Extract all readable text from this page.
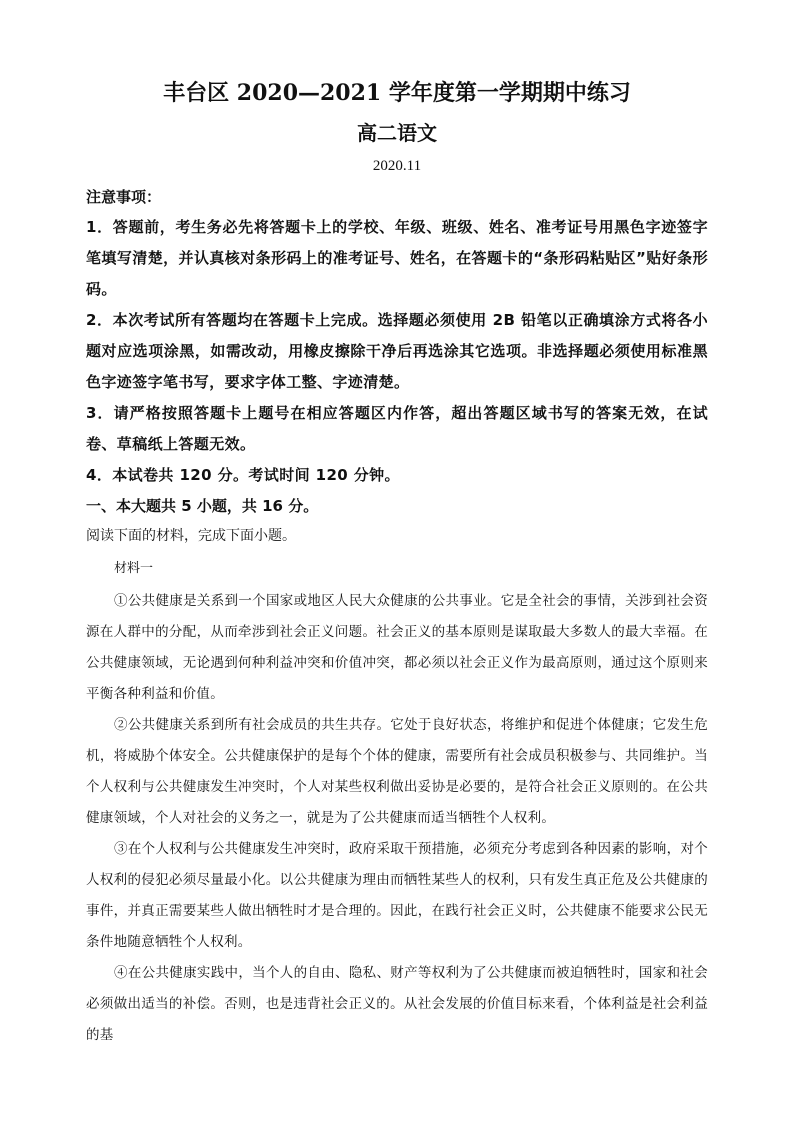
丰台区 2020—2021 学年度第一学期期中练习
高二语文
2020.11
注意事项：

1．答题前，考生务必先将答题卡上的学校、年级、班级、姓名、准考证号用黑色字迹签字笔填写清楚，并认真核对条形码上的准考证号、姓名，在答题卡的“条形码粘贴区”贴好条形码。

2．本次考试所有答题均在答题卡上完成。选择题必须使用 2B 铅笔以正确填涂方式将各小题对应选项涂黑，如需改动，用橡皮擦除干净后再选涂其它选项。非选择题必须使用标准黑色字迹签字笔书写，要求字体工整、字迹清楚。

3．请严格按照答题卡上题号在相应答题区内作答，超出答题区域书写的答案无效，在试卷、草稿纸上答题无效。

4．本试卷共 120 分。考试时间 120 分钟。

一、本大题共 5 小题，共 16 分。
阅读下面的材料，完成下面小题。
材料一

①公共健康是关系到一个国家或地区人民大众健康的公共事业。它是全社会的事情，关涉到社会资源在人群中的分配，从而牵涉到社会正义问题。社会正义的基本原则是谋取最大多数人的最大幸福。在公共健康领域，无论遇到何种利益冲突和价值冲突，都必须以社会正义作为最高原则，通过这个原则来平衡各种利益和价值。

②公共健康关系到所有社会成员的共生共存。它处于良好状态，将维护和促进个体健康；它发生危机，将威胁个体安全。公共健康保护的是每个个体的健康，需要所有社会成员积极参与、共同维护。当个人权利与公共健康发生冲突时，个人对某些权利做出妥协是必要的，是符合社会正义原则的。在公共健康领域，个人对社会的义务之一，就是为了公共健康而适当牺牲个人权利。

③在个人权利与公共健康发生冲突时，政府采取干预措施，必须充分考虑到各种因素的影响，对个人权利的侵犯必须尽量最小化。以公共健康为理由而牺牲某些人的权利，只有发生真正危及公共健康的事件，并真正需要某些人做出牺牲时才是合理的。因此，在践行社会正义时，公共健康不能要求公民无条件地随意牺牲个人权利。

④在公共健康实践中，当个人的自由、隐私、财产等权利为了公共健康而被迫牺牲时，国家和社会必须做出适当的补偿。否则，也是违背社会正义的。从社会发展的价值目标来看，个体利益是社会利益的基
